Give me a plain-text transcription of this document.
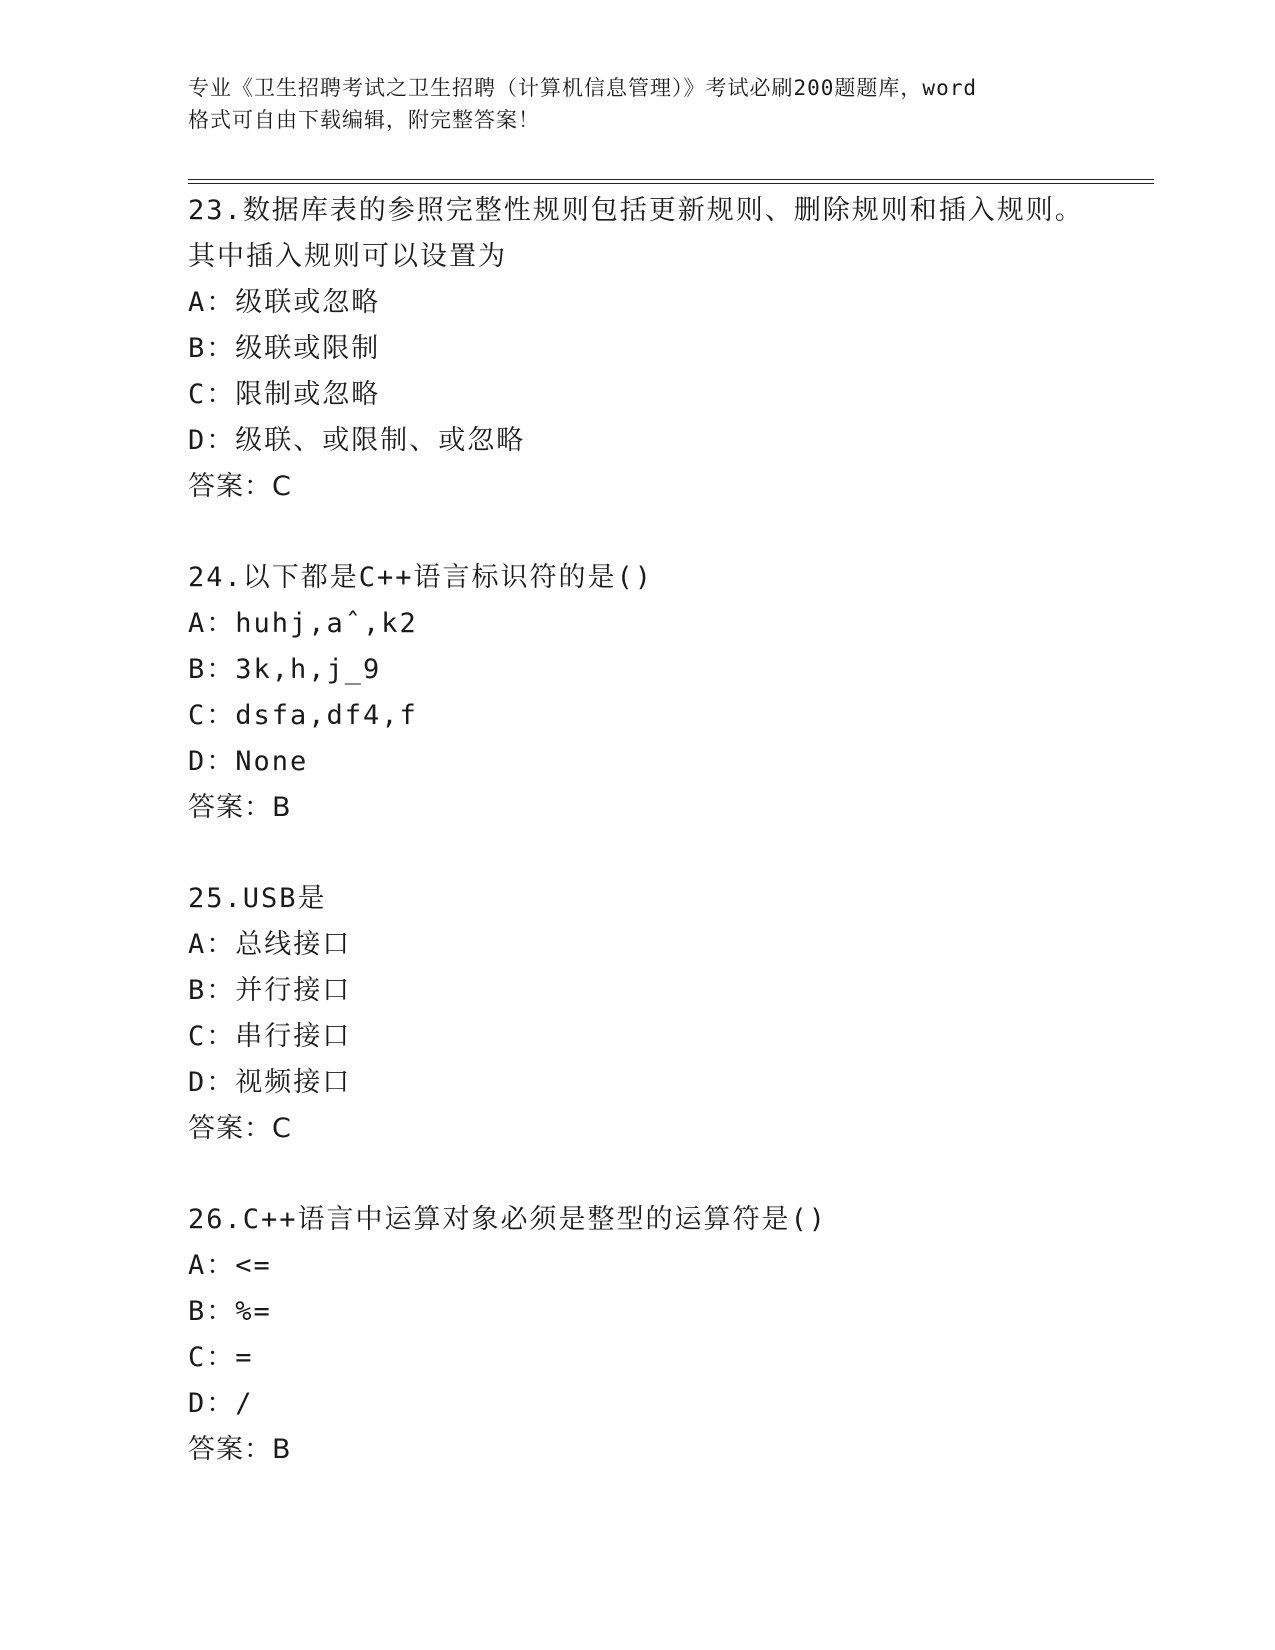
专业《卫生招聘考试之卫生招聘（计算机信息管理）》考试必刷200题题库，word
格式可自由下载编辑，附完整答案！
23.数据库表的参照完整性规则包括更新规则、删除规则和插入规则。
其中插入规则可以设置为
A：级联或忽略
B：级联或限制
C：限制或忽略
D：级联、或限制、或忽略
答案：C
24.以下都是C++语言标识符的是()
A：huhj,aˆ,k2
B：3k,h,j_9
C：dsfa,df4,f
D：None
答案：B
25.USB是
A：总线接口
B：并行接口
C：串行接口
D：视频接口
答案：C
26.C++语言中运算对象必须是整型的运算符是()
A：<=
B：%=
C：=
D：/
答案：B
